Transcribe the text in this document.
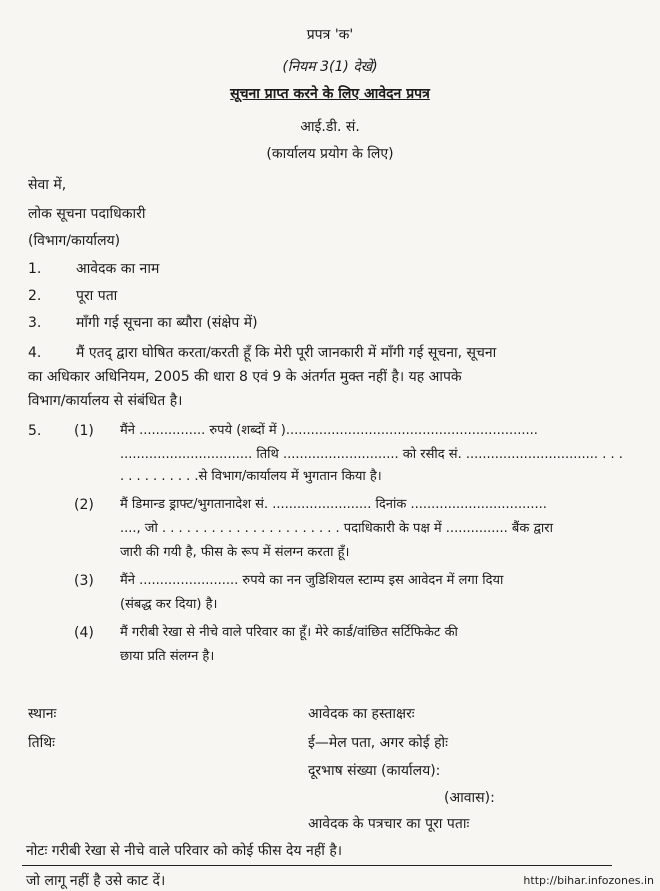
प्रपत्र 'क'
(नियम 3(1) देखें)
सूचना प्राप्त करने के लिए आवेदन प्रपत्र
आई.डी. सं.
(कार्यालय प्रयोग के लिए)
सेवा में,
लोक सूचना पदाधिकारी
(विभाग/कार्यालय)
1. आवेदक का नाम
2. पूरा पता
3. माँगी गई सूचना का ब्यौरा (संक्षेप में)
4. मैं एतद् द्वारा घोषित करता/करती हूँ कि मेरी पूरी जानकारी में माँगी गई सूचना, सूचना
का अधिकार अधिनियम, 2005 की धारा 8 एवं 9 के अंतर्गत मुक्त नहीं है। यह आपके
विभाग/कार्यालय से संबंधित है।
5. (1) मैंने ................ रुपये (शब्दों में ).............................................................
................................ तिथि ............................ को रसीद सं. ................................ . . .
. . . . . . . . . .से विभाग/कार्यालय में भुगतान किया है।
(2) मैं डिमान्ड ड्राफ्ट/भुगतानादेश सं. ........................ दिनांक .................................
...., जो . . . . . . . . . . . . . . . . . . . . . . पदाधिकारी के पक्ष में ............... बैंक द्वारा
जारी की गयी है, फीस के रूप में संलग्न करता हूँ।
(3) मैंने ........................ रुपये का नन जुडिशियल स्टाम्प इस आवेदन में लगा दिया
(संबद्ध कर दिया) है।
(4) मैं गरीबी रेखा से नीचे वाले परिवार का हूँ। मेरे कार्ड/वांछित सर्टिफिकेट की
छाया प्रति संलग्न है।
स्थानः
तिथिः
आवेदक का हस्ताक्षरः
ई—मेल पता, अगर कोई होः
दूरभाष संख्या (कार्यालय):
(आवास):
आवेदक के पत्रचार का पूरा पताः
नोटः गरीबी रेखा से नीचे वाले परिवार को कोई फीस देय नहीं है।
जो लागू नहीं है उसे काट दें।	http://bihar.infozones.in
